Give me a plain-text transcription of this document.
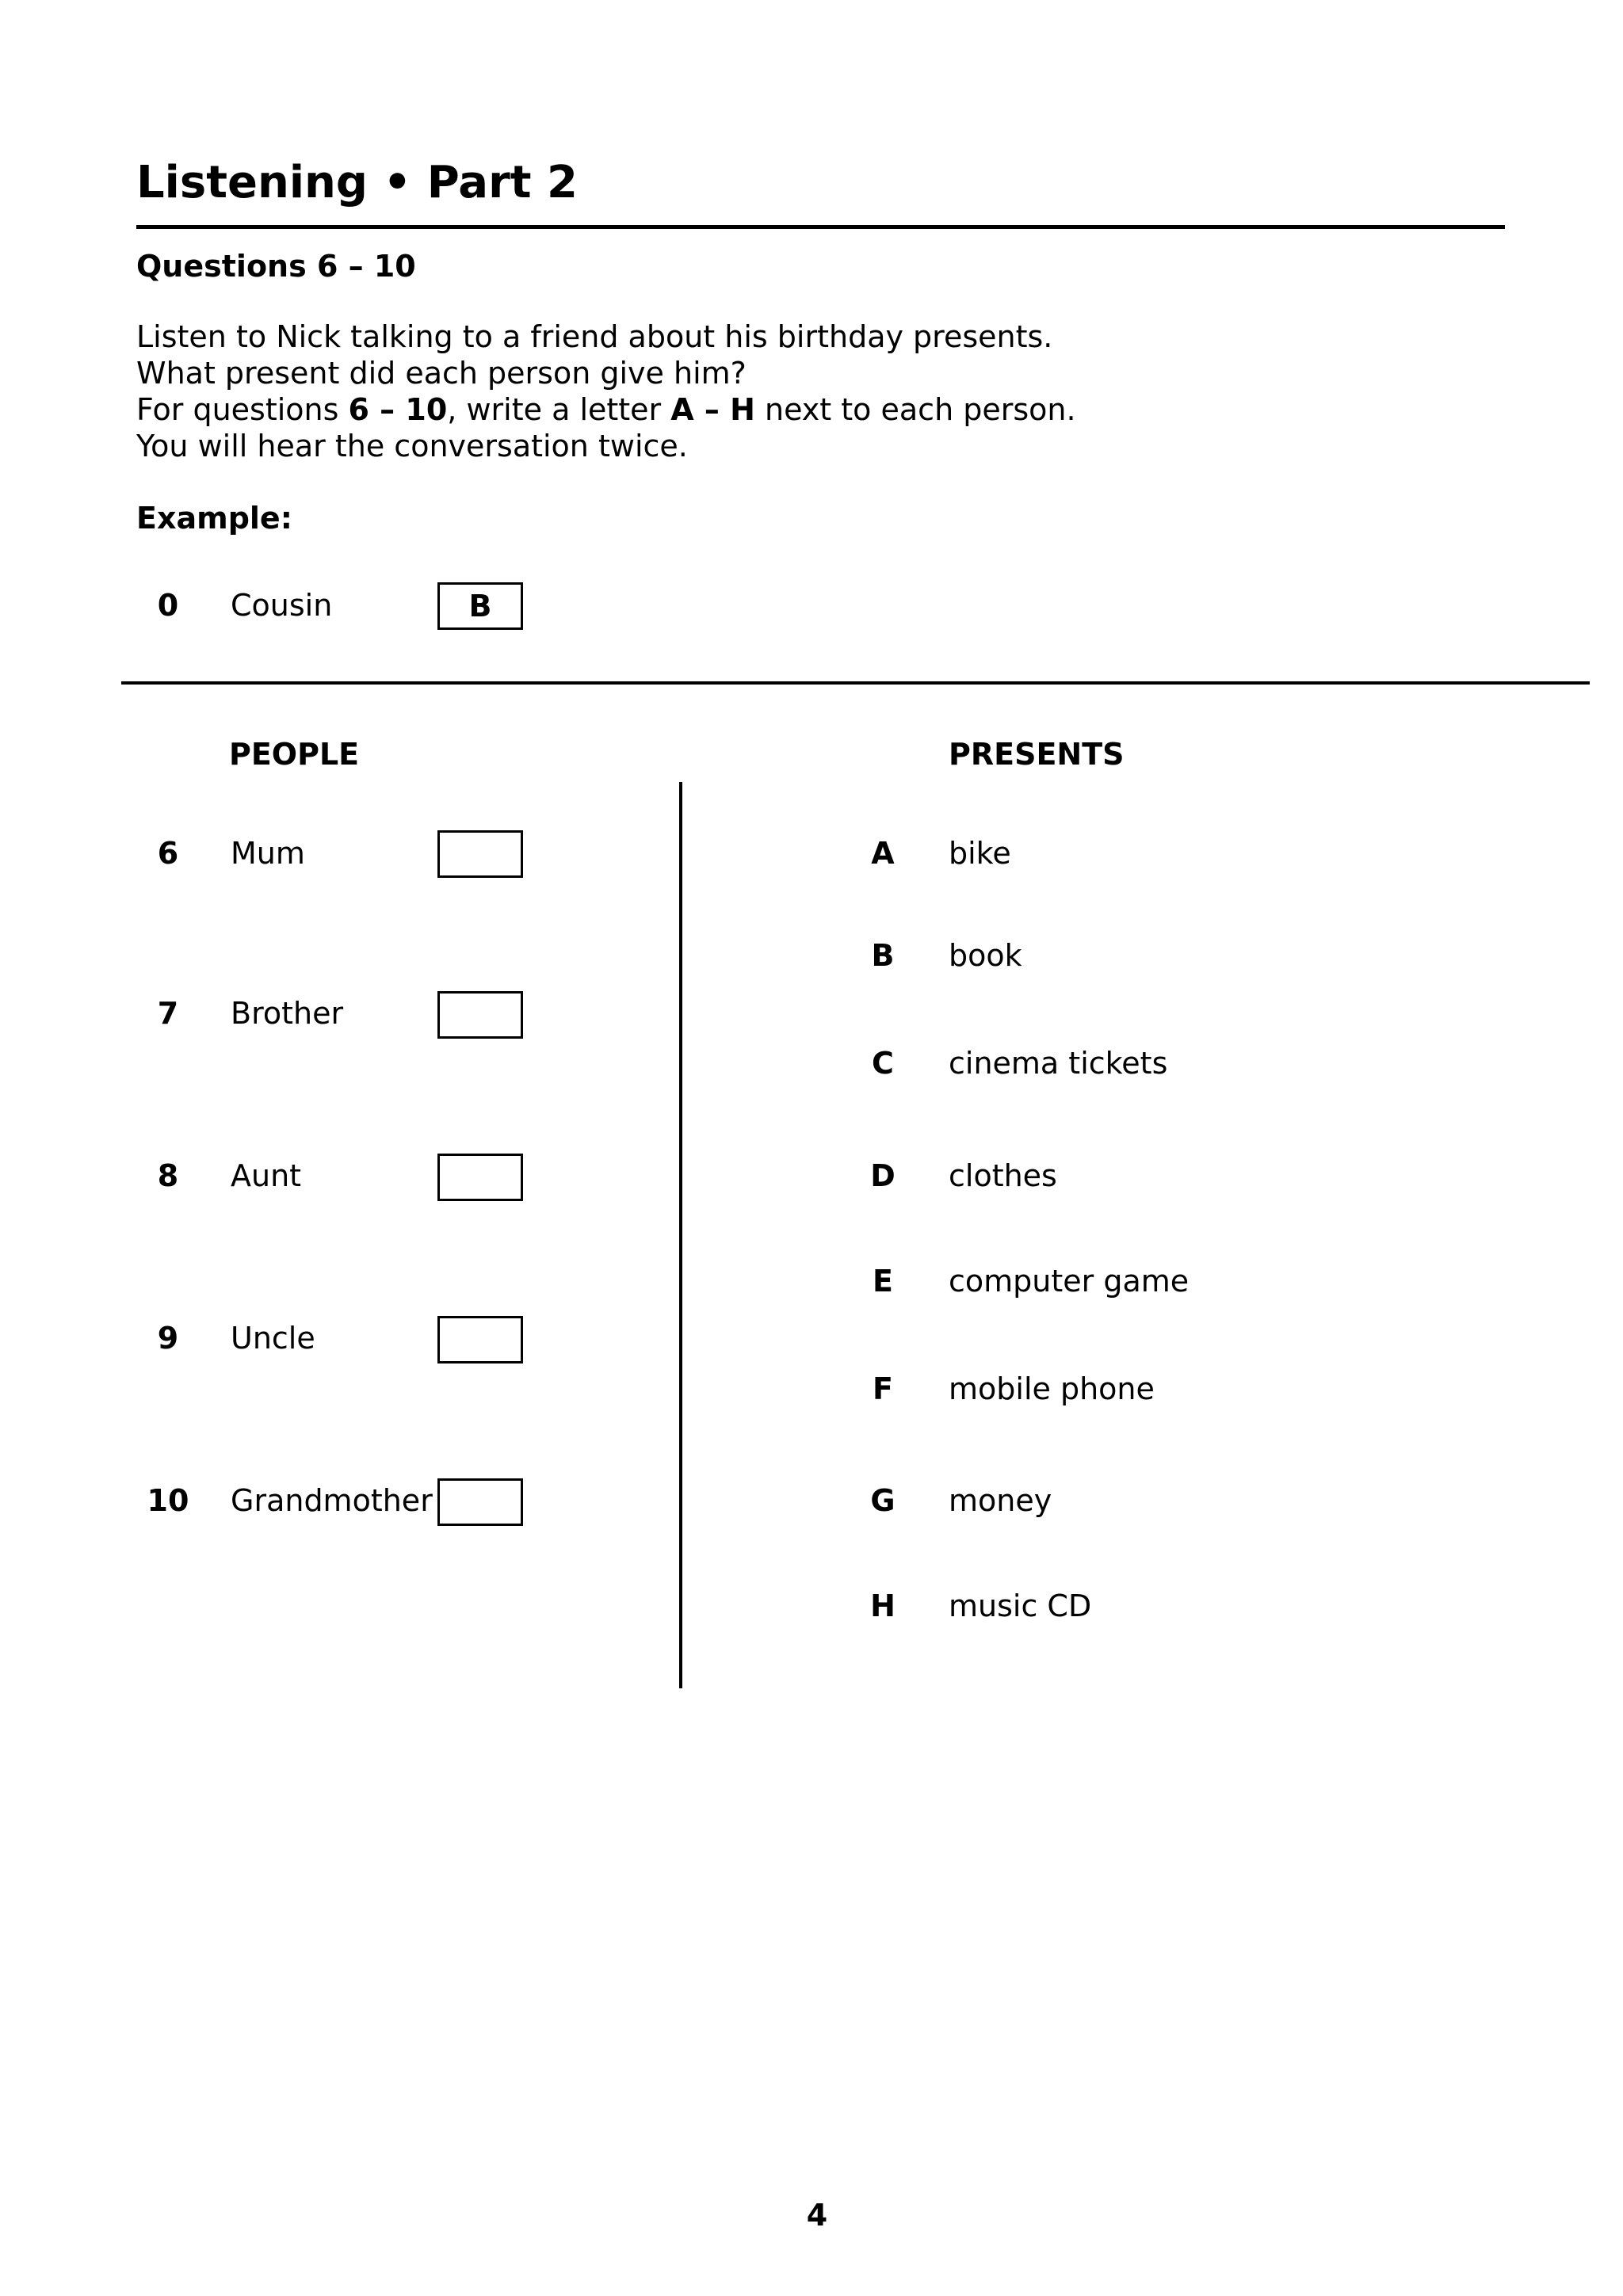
Listening • Part 2
Questions 6 – 10
Listen to Nick talking to a friend about his birthday presents.
What present did each person give him?
For questions 6 – 10, write a letter A – H next to each person.
You will hear the conversation twice.
Example:
0	Cousin	B
PEOPLE	PRESENTS
6	Mum
7	Brother
8	Aunt
9	Uncle
10	Grandmother
A	bike
B	book
C	cinema tickets
D	clothes
E	computer game
F	mobile phone
G	money
H	music CD
4
